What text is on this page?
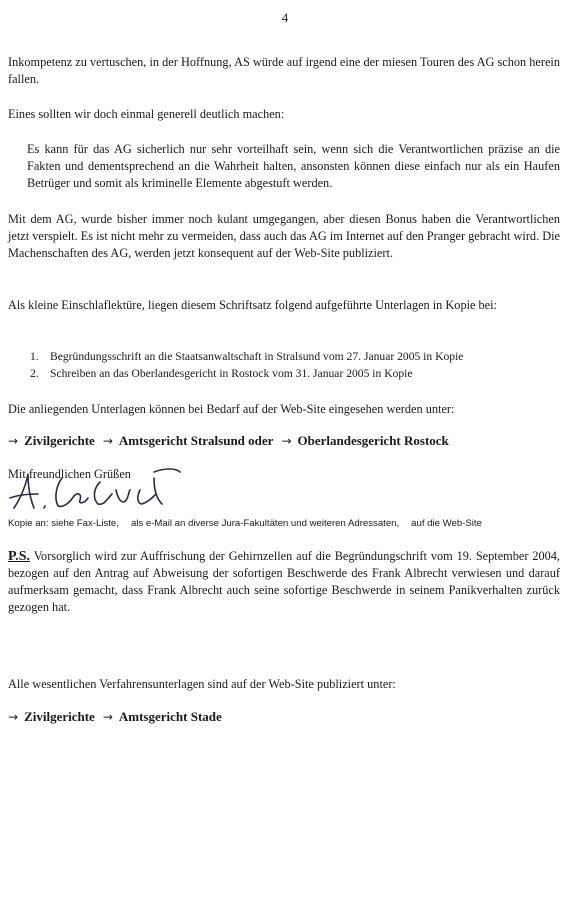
4
Inkompetenz zu vertuschen, in der Hoffnung, AS würde auf irgend eine der miesen Touren des AG schon herein fallen.
Eines sollten wir doch einmal generell deutlich machen:
Es kann für das AG sicherlich nur sehr vorteilhaft sein, wenn sich die Verantwortlichen präzise an die Fakten und dementsprechend an die Wahrheit halten, ansonsten können diese einfach nur als ein Haufen Betrüger und somit als kriminelle Elemente abgestuft werden.
Mit dem AG, wurde bisher immer noch kulant umgegangen, aber diesen Bonus haben die Verantwortlichen jetzt verspielt. Es ist nicht mehr zu vermeiden, dass auch das AG im Internet auf den Pranger gebracht wird. Die Machenschaften des AG, werden jetzt konsequent auf der Web-Site publiziert.
Als kleine Einschlaflektüre, liegen diesem Schriftsatz folgend aufgeführte Unterlagen in Kopie bei:
1. Begründungsschrift an die Staatsanwaltschaft in Stralsund vom 27. Januar 2005 in Kopie
2. Schreiben an das Oberlandesgericht in Rostock vom 31. Januar 2005 in Kopie
Die anliegenden Unterlagen können bei Bedarf auf der Web-Site eingesehen werden unter:
→ Zivilgerichte → Amtsgericht Stralsund oder → Oberlandesgericht Rostock
Mit freundlichen Grüßen
Kopie an: siehe Fax-Liste, als e-Mail an diverse Jura-Fakultäten und weiteren Adressaten, auf die Web-Site
P.S. Vorsorglich wird zur Auffrischung der Gehirnzellen auf die Begründungschrift vom 19. September 2004, bezogen auf den Antrag auf Abweisung der sofortigen Beschwerde des Frank Albrecht verwiesen und darauf aufmerksam gemacht, dass Frank Albrecht auch seine sofortige Beschwerde in seinem Panikverhalten zurück gezogen hat.
Alle wesentlichen Verfahrensunterlagen sind auf der Web-Site publiziert unter:
→ Zivilgerichte → Amtsgericht Stade
